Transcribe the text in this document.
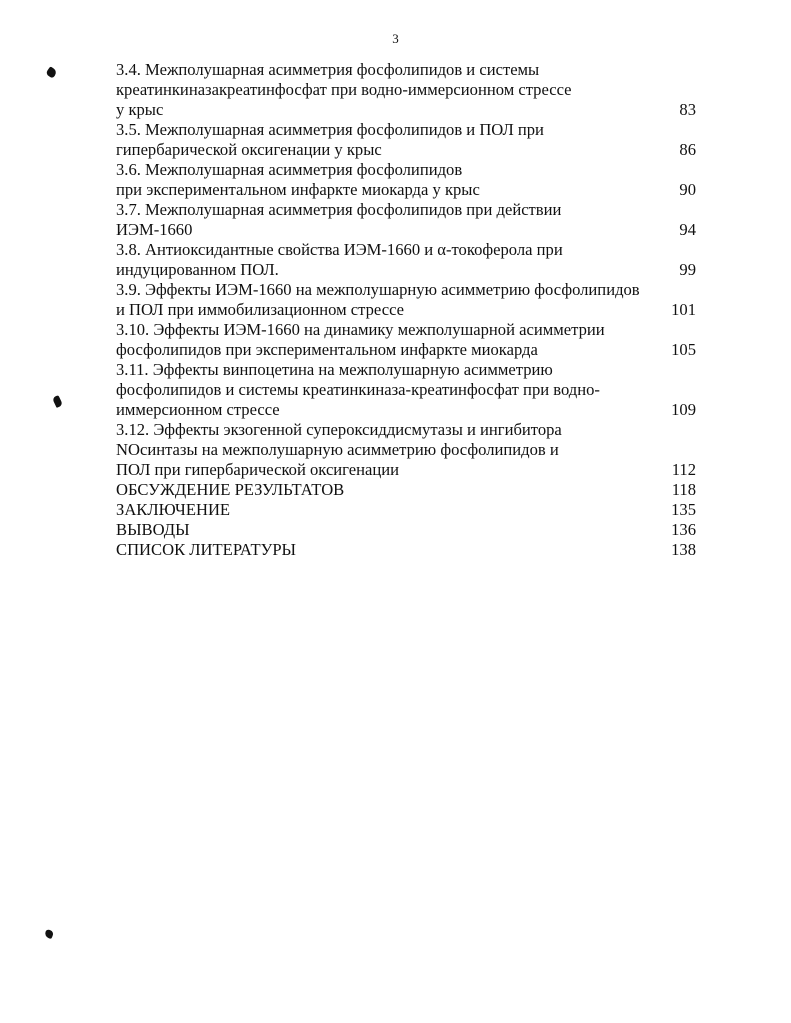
3
3.4. Межполушарная асимметрия фосфолипидов и системы
креатинкиназакреатинфосфат при водно-иммерсионном стрессе
у крыс	83
3.5. Межполушарная асимметрия фосфолипидов и ПОЛ при
гипербарической оксигенации у крыс	86
3.6. Межполушарная асимметрия фосфолипидов
при экспериментальном инфаркте миокарда у крыс	90
3.7. Межполушарная асимметрия фосфолипидов при действии
ИЭМ-1660	94
3.8. Антиоксидантные свойства ИЭМ-1660 и α-токоферола при
индуцированном ПОЛ.	99
3.9. Эффекты ИЭМ-1660 на межполушарную асимметрию фосфолипидов
и ПОЛ при иммобилизационном стрессе	101
3.10. Эффекты ИЭМ-1660 на динамику межполушарной асимметрии
фосфолипидов при экспериментальном инфаркте миокарда	105
3.11. Эффекты винпоцетина на межполушарную асимметрию
фосфолипидов и системы креатинкиназа-креатинфосфат при водно-
иммерсионном стрессе	109
3.12. Эффекты экзогенной супероксиддисмутазы и ингибитора
NOсинтазы на межполушарную асимметрию фосфолипидов и
ПОЛ при гипербарической оксигенации	112
ОБСУЖДЕНИЕ РЕЗУЛЬТАТОВ	118
ЗАКЛЮЧЕНИЕ	135
ВЫВОДЫ	136
СПИСОК ЛИТЕРАТУРЫ	138
